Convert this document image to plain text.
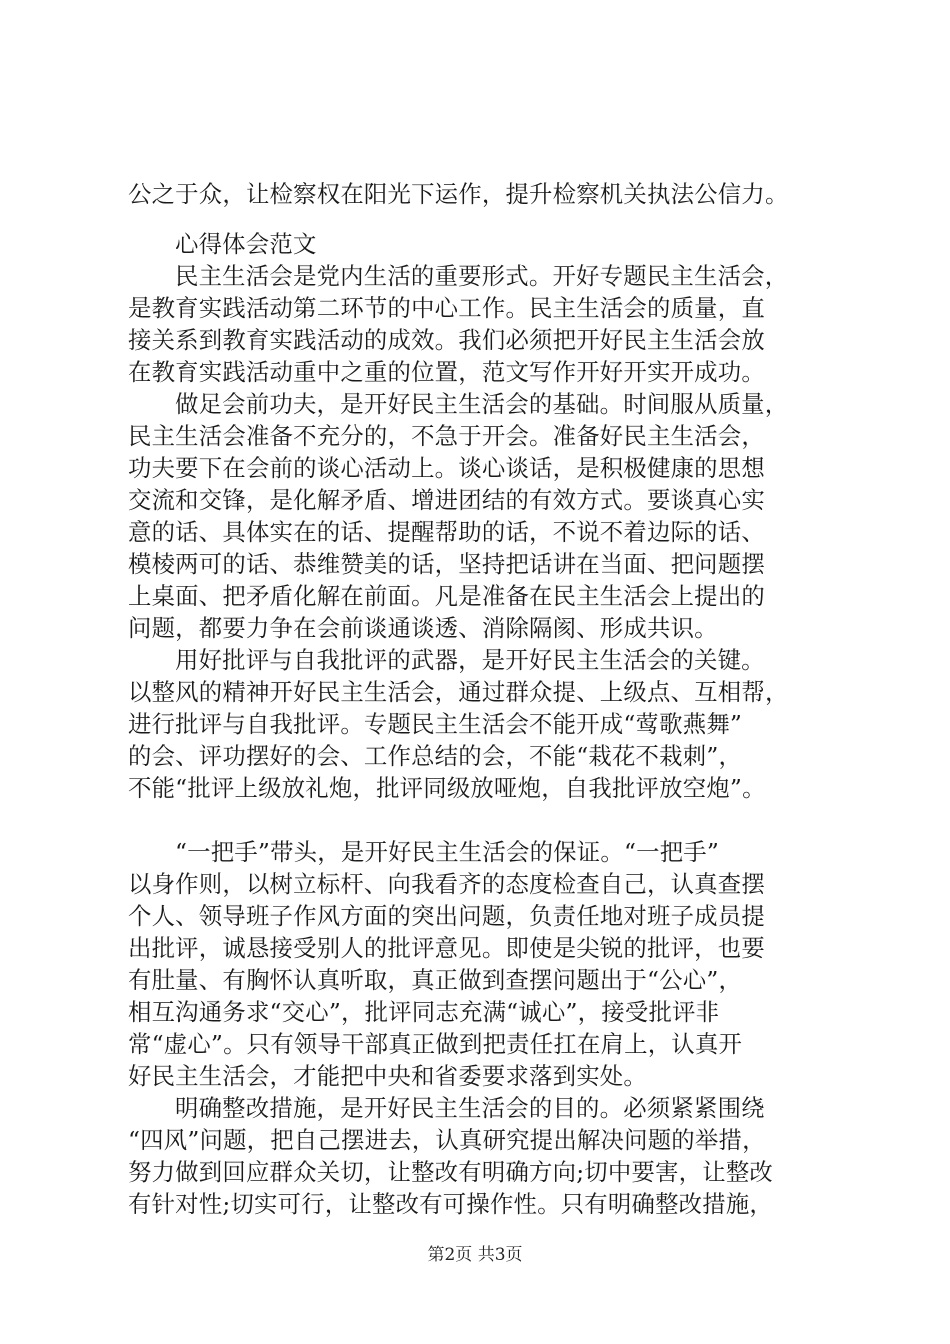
公之于众，让检察权在阳光下运作，提升检察机关执法公信力。
心得体会范文
民主生活会是党内生活的重要形式。开好专题民主生活会，
是教育实践活动第二环节的中心工作。民主生活会的质量，直
接关系到教育实践活动的成效。我们必须把开好民主生活会放
在教育实践活动重中之重的位置，范文写作开好开实开成功。
做足会前功夫，是开好民主生活会的基础。时间服从质量，
民主生活会准备不充分的，不急于开会。准备好民主生活会，
功夫要下在会前的谈心活动上。谈心谈话，是积极健康的思想
交流和交锋，是化解矛盾、增进团结的有效方式。要谈真心实
意的话、具体实在的话、提醒帮助的话，不说不着边际的话、
模棱两可的话、恭维赞美的话，坚持把话讲在当面、把问题摆
上桌面、把矛盾化解在前面。凡是准备在民主生活会上提出的
问题，都要力争在会前谈通谈透、消除隔阂、形成共识。
用好批评与自我批评的武器，是开好民主生活会的关键。
以整风的精神开好民主生活会，通过群众提、上级点、互相帮，
进行批评与自我批评。专题民主生活会不能开成“莺歌燕舞”
的会、评功摆好的会、工作总结的会，不能“栽花不栽刺”，
不能“批评上级放礼炮，批评同级放哑炮，自我批评放空炮”。
“一把手”带头，是开好民主生活会的保证。“一把手”
以身作则，以树立标杆、向我看齐的态度检查自己，认真查摆
个人、领导班子作风方面的突出问题，负责任地对班子成员提
出批评，诚恳接受别人的批评意见。即使是尖锐的批评，也要
有肚量、有胸怀认真听取，真正做到查摆问题出于“公心”，
相互沟通务求“交心”，批评同志充满“诚心”，接受批评非
常“虚心”。只有领导干部真正做到把责任扛在肩上，认真开
好民主生活会，才能把中央和省委要求落到实处。
明确整改措施，是开好民主生活会的目的。必须紧紧围绕
“四风”问题，把自己摆进去，认真研究提出解决问题的举措，
努力做到回应群众关切，让整改有明确方向;切中要害，让整改
有针对性;切实可行，让整改有可操作性。只有明确整改措施，
第2页 共3页
